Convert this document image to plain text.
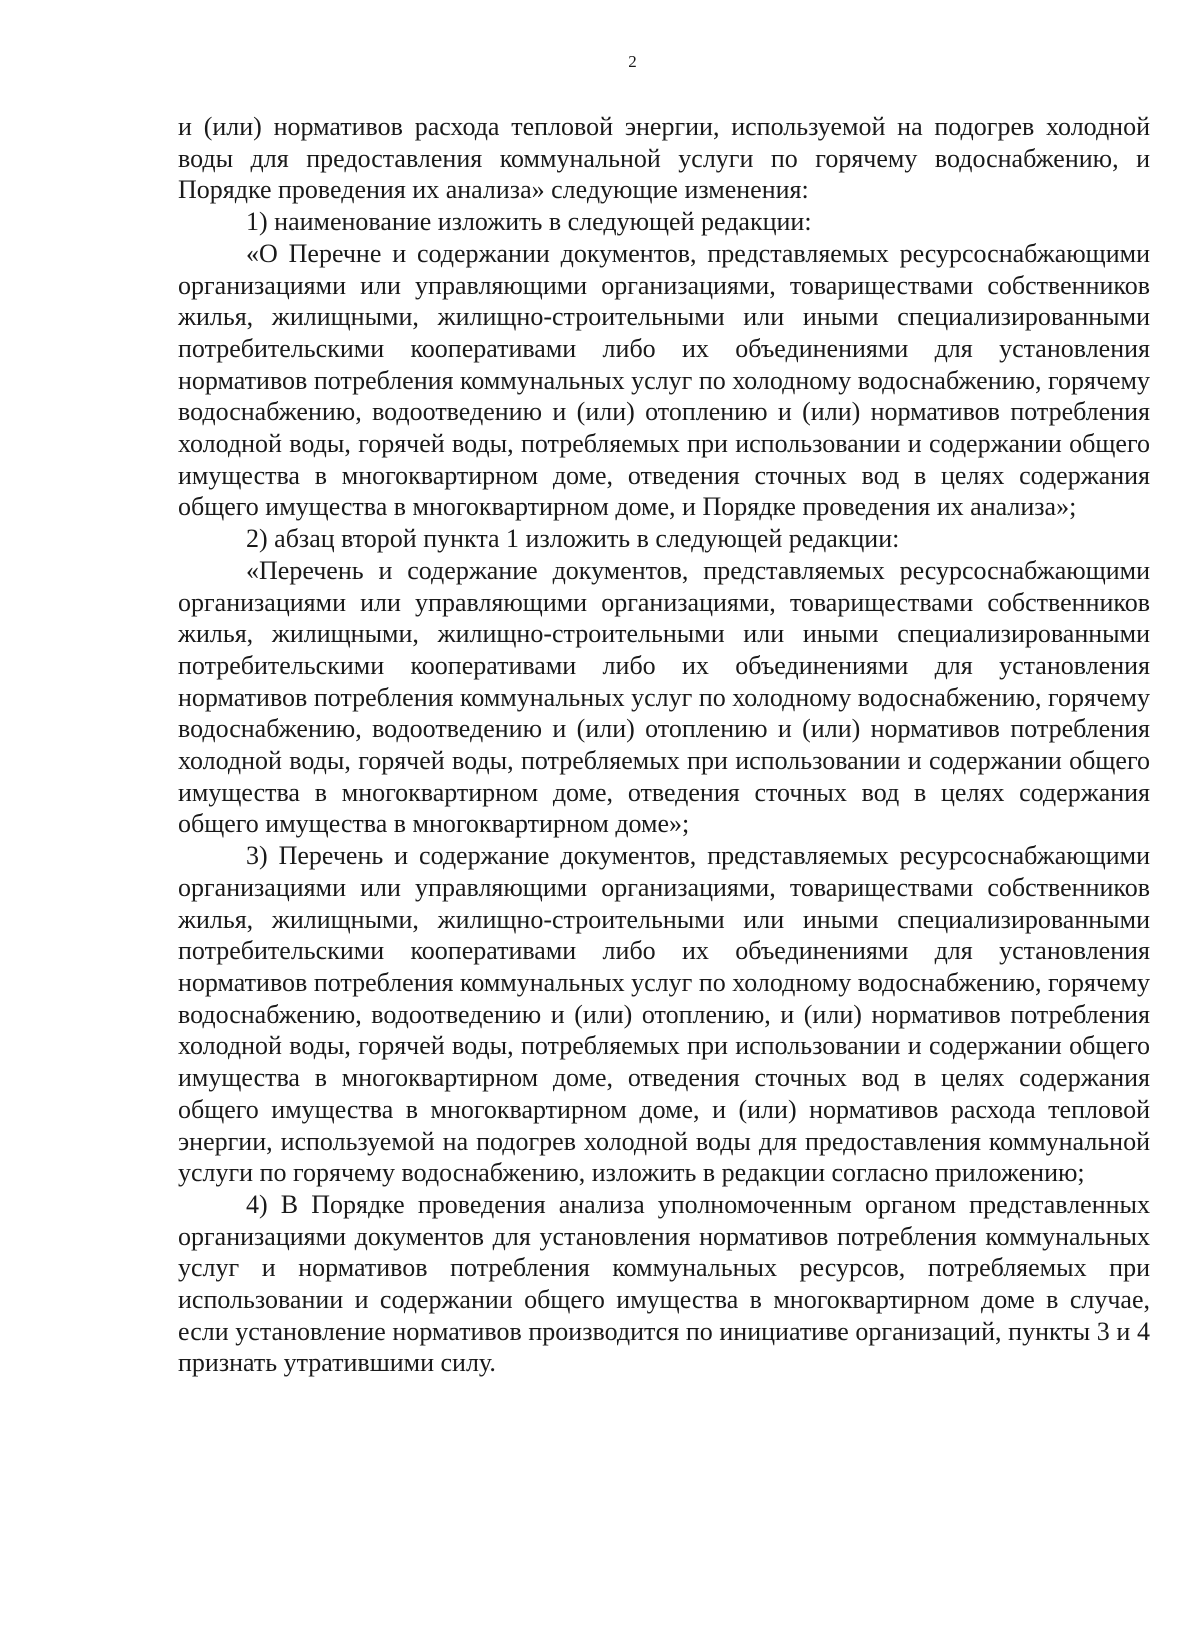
2

и (или) нормативов расхода тепловой энергии, используемой на подогрев холодной воды для предоставления коммунальной услуги по горячему водоснабжению, и Порядке проведения их анализа» следующие изменения:

1) наименование изложить в следующей редакции:

«О Перечне и содержании документов, представляемых ресурсоснабжающими организациями или управляющими организациями, товариществами собственников жилья, жилищными, жилищно-строительными или иными специализированными потребительскими кооперативами либо их объединениями для установления нормативов потребления коммунальных услуг по холодному водоснабжению, горячему водоснабжению, водоотведению и (или) отоплению и (или) нормативов потребления холодной воды, горячей воды, потребляемых при использовании и содержании общего имущества в многоквартирном доме, отведения сточных вод в целях содержания общего имущества в многоквартирном доме, и Порядке проведения их анализа»;

2) абзац второй пункта 1 изложить в следующей редакции:

«Перечень и содержание документов, представляемых ресурсоснабжающими организациями или управляющими организациями, товариществами собственников жилья, жилищными, жилищно-строительными или иными специализированными потребительскими кооперативами либо их объединениями для установления нормативов потребления коммунальных услуг по холодному водоснабжению, горячему водоснабжению, водоотведению и (или) отоплению и (или) нормативов потребления холодной воды, горячей воды, потребляемых при использовании и содержании общего имущества в многоквартирном доме, отведения сточных вод в целях содержания общего имущества в многоквартирном доме»;

3) Перечень и содержание документов, представляемых ресурсоснабжающими организациями или управляющими организациями, товариществами собственников жилья, жилищными, жилищно-строительными или иными специализированными потребительскими кооперативами либо их объединениями для установления нормативов потребления коммунальных услуг по холодному водоснабжению, горячему водоснабжению, водоотведению и (или) отоплению, и (или) нормативов потребления холодной воды, горячей воды, потребляемых при использовании и содержании общего имущества в многоквартирном доме, отведения сточных вод в целях содержания общего имущества в многоквартирном доме, и (или) нормативов расхода тепловой энергии, используемой на подогрев холодной воды для предоставления коммунальной услуги по горячему водоснабжению, изложить в редакции согласно приложению;

4) В Порядке проведения анализа уполномоченным органом представленных организациями документов для установления нормативов потребления коммунальных услуг и нормативов потребления коммунальных ресурсов, потребляемых при использовании и содержании общего имущества в многоквартирном доме в случае, если установление нормативов производится по инициативе организаций, пункты 3 и 4 признать утратившими силу.
